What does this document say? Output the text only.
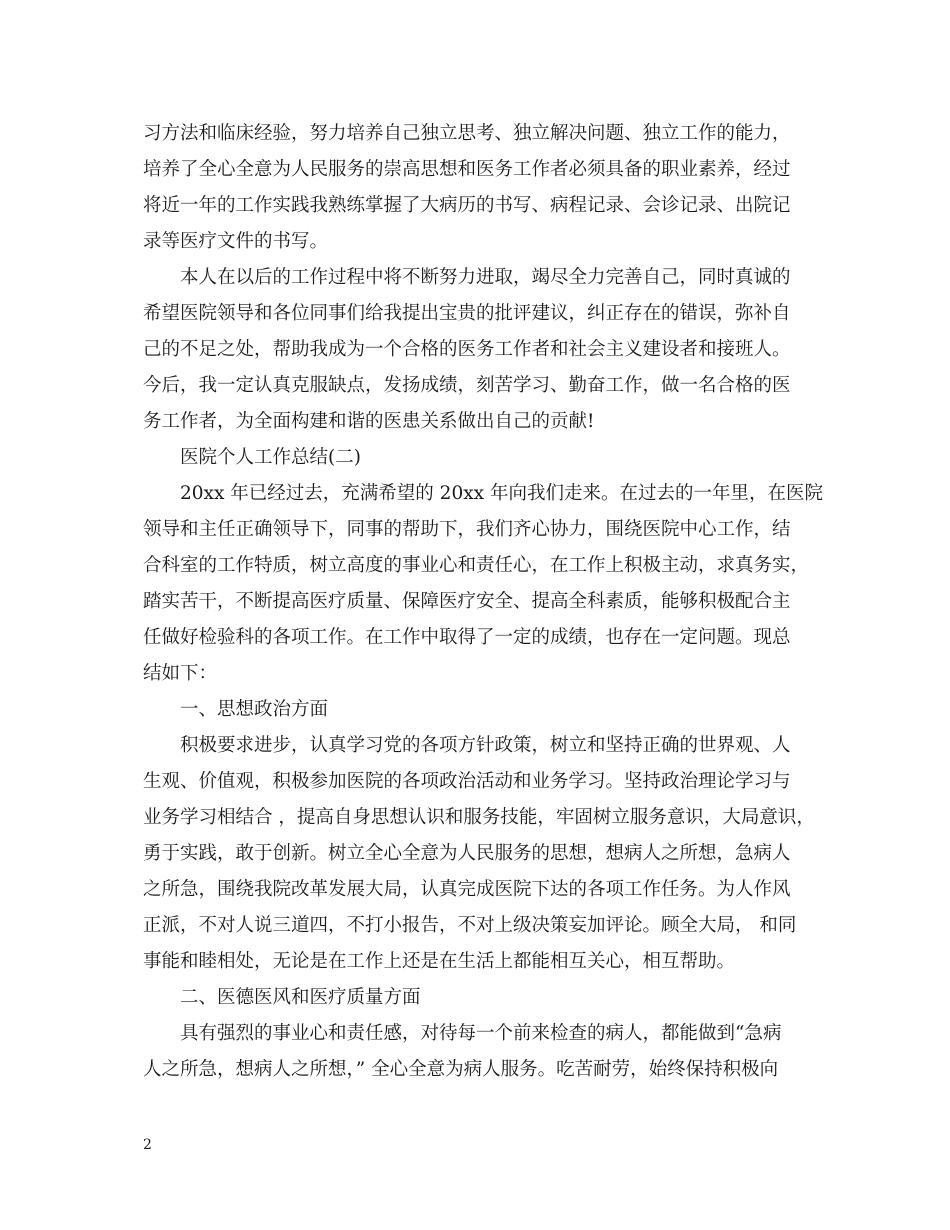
习方法和临床经验，努力培养自己独立思考、独立解决问题、独立工作的能力，
培养了全心全意为人民服务的崇高思想和医务工作者必须具备的职业素养，经过
将近一年的工作实践我熟练掌握了大病历的书写、病程记录、会诊记录、出院记
录等医疗文件的书写。
本人在以后的工作过程中将不断努力进取，竭尽全力完善自己，同时真诚的
希望医院领导和各位同事们给我提出宝贵的批评建议，纠正存在的错误，弥补自
己的不足之处，帮助我成为一个合格的医务工作者和社会主义建设者和接班人。
今后，我一定认真克服缺点，发扬成绩，刻苦学习、勤奋工作，做一名合格的医
务工作者，为全面构建和谐的医患关系做出自己的贡献!
医院个人工作总结(二)
20xx 年已经过去，充满希望的 20xx 年向我们走来。在过去的一年里，在医院
领导和主任正确领导下，同事的帮助下，我们齐心协力，围绕医院中心工作，结
合科室的工作特质，树立高度的事业心和责任心，在工作上积极主动，求真务实，
踏实苦干，不断提高医疗质量、保障医疗安全、提高全科素质，能够积极配合主
任做好检验科的各项工作。在工作中取得了一定的成绩，也存在一定问题。现总
结如下：
一、思想政治方面
积极要求进步，认真学习党的各项方针政策，树立和坚持正确的世界观、人
生观、价值观，积极参加医院的各项政治活动和业务学习。坚持政治理论学习与
业务学习相结合 ，提高自身思想认识和服务技能，牢固树立服务意识，大局意识，
勇于实践，敢于创新。树立全心全意为人民服务的思想，想病人之所想，急病人
之所急，围绕我院改革发展大局，认真完成医院下达的各项工作任务。为人作风
正派，不对人说三道四，不打小报告，不对上级决策妄加评论。顾全大局， 和同
事能和睦相处，无论是在工作上还是在生活上都能相互关心，相互帮助。
二、医德医风和医疗质量方面
具有强烈的事业心和责任感，对待每一个前来检查的病人，都能做到“急病
人之所急，想病人之所想，” 全心全意为病人服务。吃苦耐劳，始终保持积极向
2
